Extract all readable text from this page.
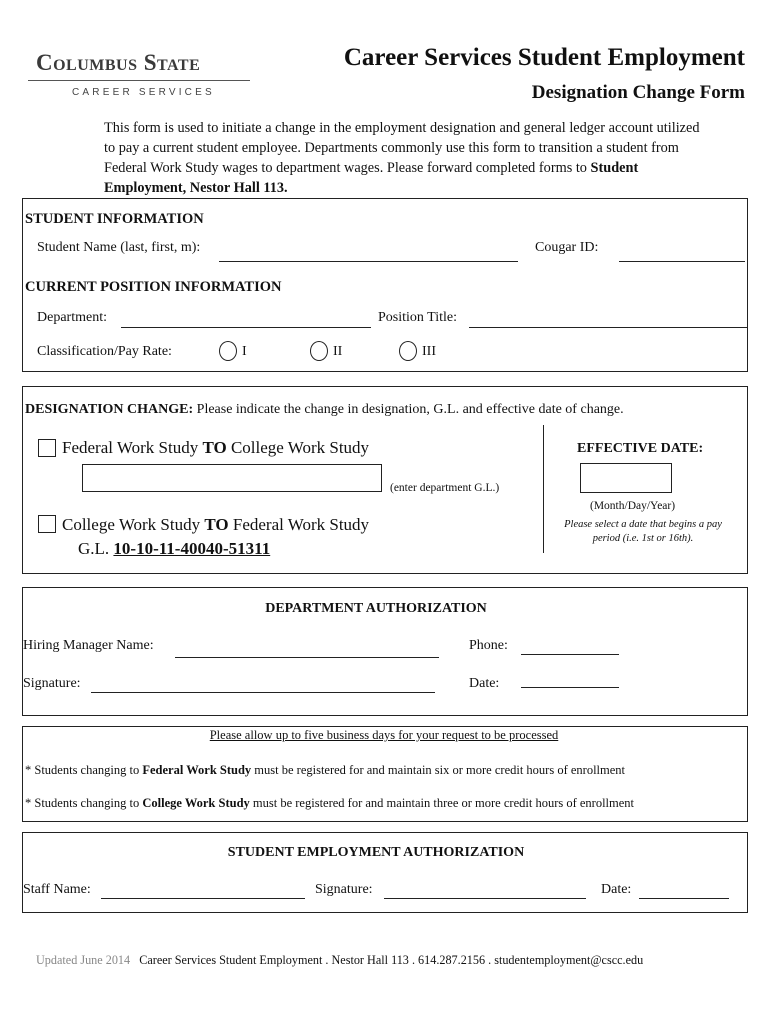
Columbus State
CAREER SERVICES
Career Services Student Employment
Designation Change Form
This form is used to initiate a change in the employment designation and general ledger account utilized to pay a current student employee. Departments commonly use this form to transition a student from Federal Work Study wages to department wages. Please forward completed forms to Student Employment, Nestor Hall 113.
STUDENT INFORMATION
Student Name (last, first, m):	Cougar ID:
CURRENT POSITION INFORMATION
Department:	Position Title:
Classification/Pay Rate:	I	II	III
DESIGNATION CHANGE: Please indicate the change in designation, G.L. and effective date of change.
Federal Work Study TO College Work Study
(enter department G.L.)
College Work Study TO Federal Work Study
G.L. 10-10-11-40040-51311
EFFECTIVE DATE:
(Month/Day/Year)
Please select a date that begins a pay period (i.e. 1st or 16th).
DEPARTMENT AUTHORIZATION
Hiring Manager Name:	Phone:
Signature:	Date:
Please allow up to five business days for your request to be processed
* Students changing to Federal Work Study must be registered for and maintain six or more credit hours of enrollment
* Students changing to College Work Study must be registered for and maintain three or more credit hours of enrollment
STUDENT EMPLOYMENT AUTHORIZATION
Staff Name:	Signature:	Date:
Updated June 2014 Career Services Student Employment . Nestor Hall 113 . 614.287.2156 . studentemployment@cscc.edu
